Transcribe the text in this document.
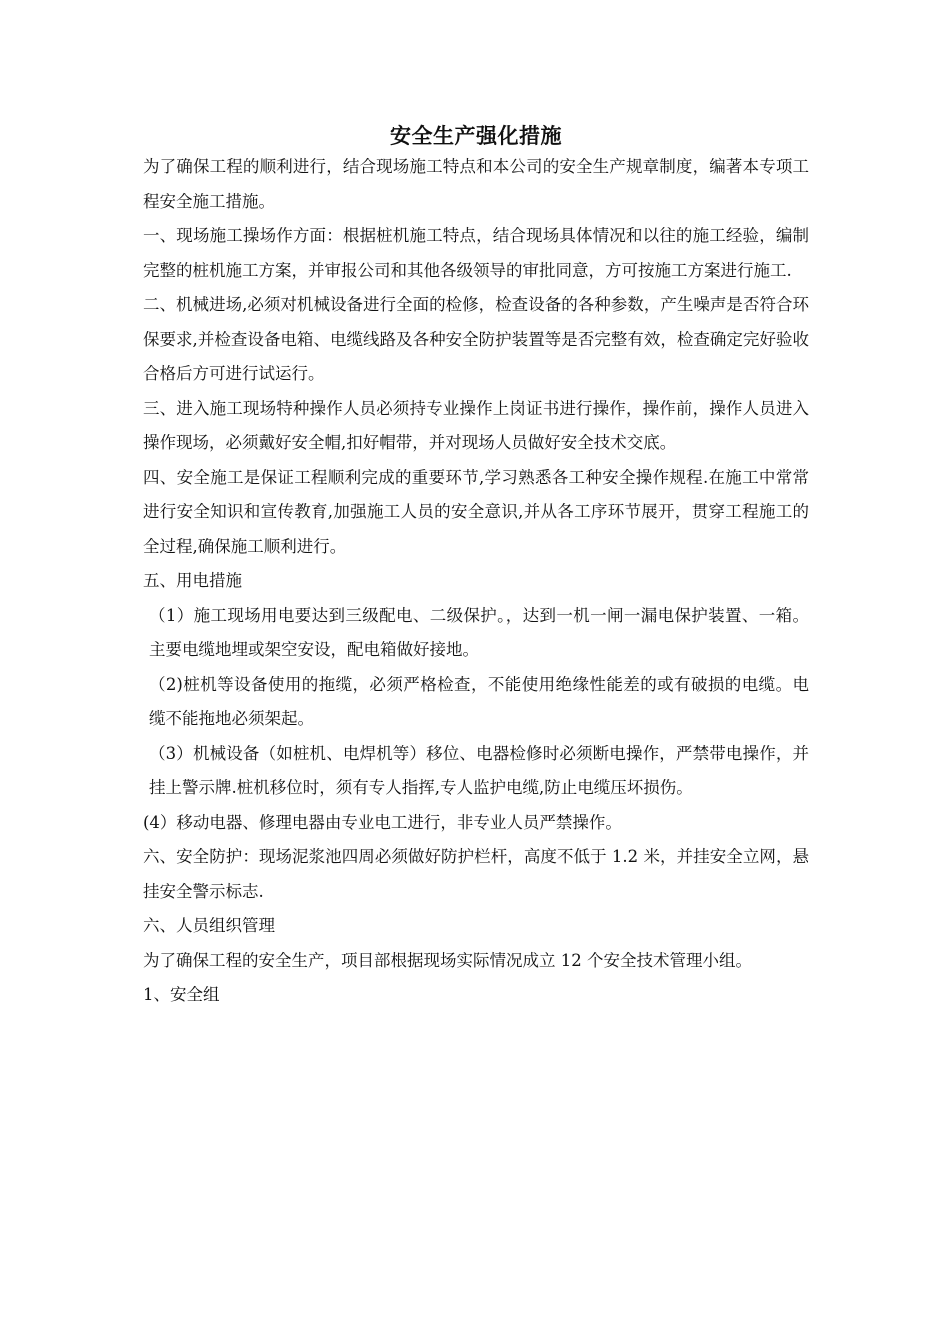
安全生产强化措施

为了确保工程的顺利进行，结合现场施工特点和本公司的安全生产规章制度，编著本专项工程安全施工措施。

一、现场施工操场作方面：根据桩机施工特点，结合现场具体情况和以往的施工经验，编制完整的桩机施工方案，并审报公司和其他各级领导的审批同意，方可按施工方案进行施工.

二、机械进场,必须对机械设备进行全面的检修，检查设备的各种参数，产生噪声是否符合环保要求,并检查设备电箱、电缆线路及各种安全防护装置等是否完整有效，检查确定完好验收合格后方可进行试运行。

三、进入施工现场特种操作人员必须持专业操作上岗证书进行操作，操作前，操作人员进入操作现场，必须戴好安全帽,扣好帽带，并对现场人员做好安全技术交底。

四、安全施工是保证工程顺利完成的重要环节,学习熟悉各工种安全操作规程.在施工中常常进行安全知识和宣传教育,加强施工人员的安全意识,并从各工序环节展开，贯穿工程施工的全过程,确保施工顺利进行。

五、用电措施

（1）施工现场用电要达到三级配电、二级保护。，达到一机一闸一漏电保护装置、一箱。主要电缆地埋或架空安设，配电箱做好接地。

（2)桩机等设备使用的拖缆，必须严格检查，不能使用绝缘性能差的或有破损的电缆。电缆不能拖地必须架起。

（3）机械设备（如桩机、电焊机等）移位、电器检修时必须断电操作，严禁带电操作，并挂上警示牌.桩机移位时，须有专人指挥,专人监护电缆,防止电缆压坏损伤。

(4）移动电器、修理电器由专业电工进行，非专业人员严禁操作。

六、安全防护：现场泥浆池四周必须做好防护栏杆，高度不低于 1.2 米，并挂安全立网，悬挂安全警示标志.

六、人员组织管理

为了确保工程的安全生产，项目部根据现场实际情况成立 12 个安全技术管理小组。

1、安全组
